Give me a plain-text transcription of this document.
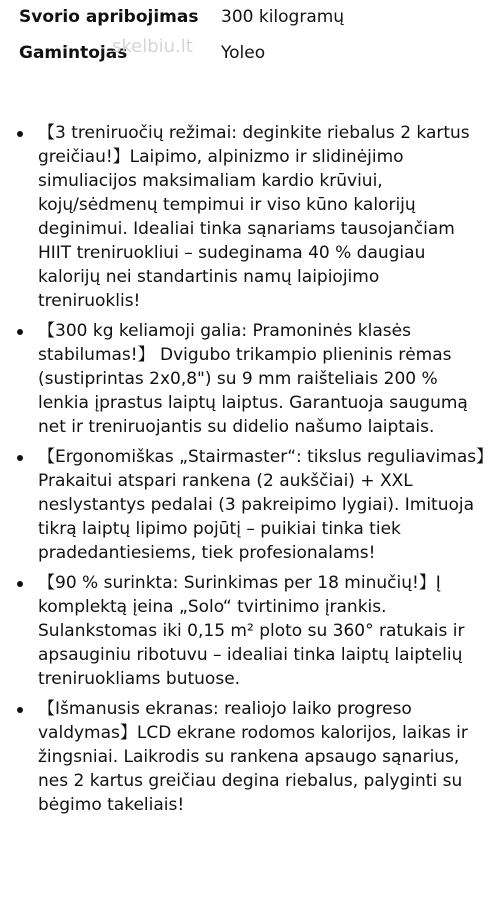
Svorio apribojimas	300 kilogramų
Gamintojas	Yoleo
skelbiu.lt
【3 treniruočių režimai: deginkite riebalus 2 kartus greičiau!】Laipimo, alpinizmo ir slidinėjimo simuliacijos maksimaliam kardio krūviui, kojų/sėdmenų tempimui ir viso kūno kalorijų deginimui. Idealiai tinka sąnariams tausojančiam HIIT treniruokliui – sudeginama 40 % daugiau kalorijų nei standartinis namų laipiojimo treniruoklis!
【300 kg keliamoji galia: Pramoninės klasės stabilumas!】 Dvigubo trikampio plieninis rėmas (sustiprintas 2x0,8") su 9 mm raišteliais 200 % lenkia įprastus laiptų laiptus. Garantuoja saugumą net ir treniruojantis su didelio našumo laiptais.
【Ergonomiškas „Stairmaster“: tikslus reguliavimas】Prakaitui atspari rankena (2 aukščiai) + XXL neslystantys pedalai (3 pakreipimo lygiai). Imituoja tikrą laiptų lipimo pojūtį – puikiai tinka tiek pradedantiesiems, tiek profesionalams!
【90 % surinkta: Surinkimas per 18 minučių!】Į komplektą įeina „Solo“ tvirtinimo įrankis. Sulankstomas iki 0,15 m² ploto su 360° ratukais ir apsauginiu ribotuvu – idealiai tinka laiptų laiptelių treniruokliams butuose.
【Išmanusis ekranas: realiojo laiko progreso valdymas】LCD ekrane rodomos kalorijos, laikas ir žingsniai. Laikrodis su rankena apsaugo sąnarius, nes 2 kartus greičiau degina riebalus, palyginti su bėgimo takeliais!
